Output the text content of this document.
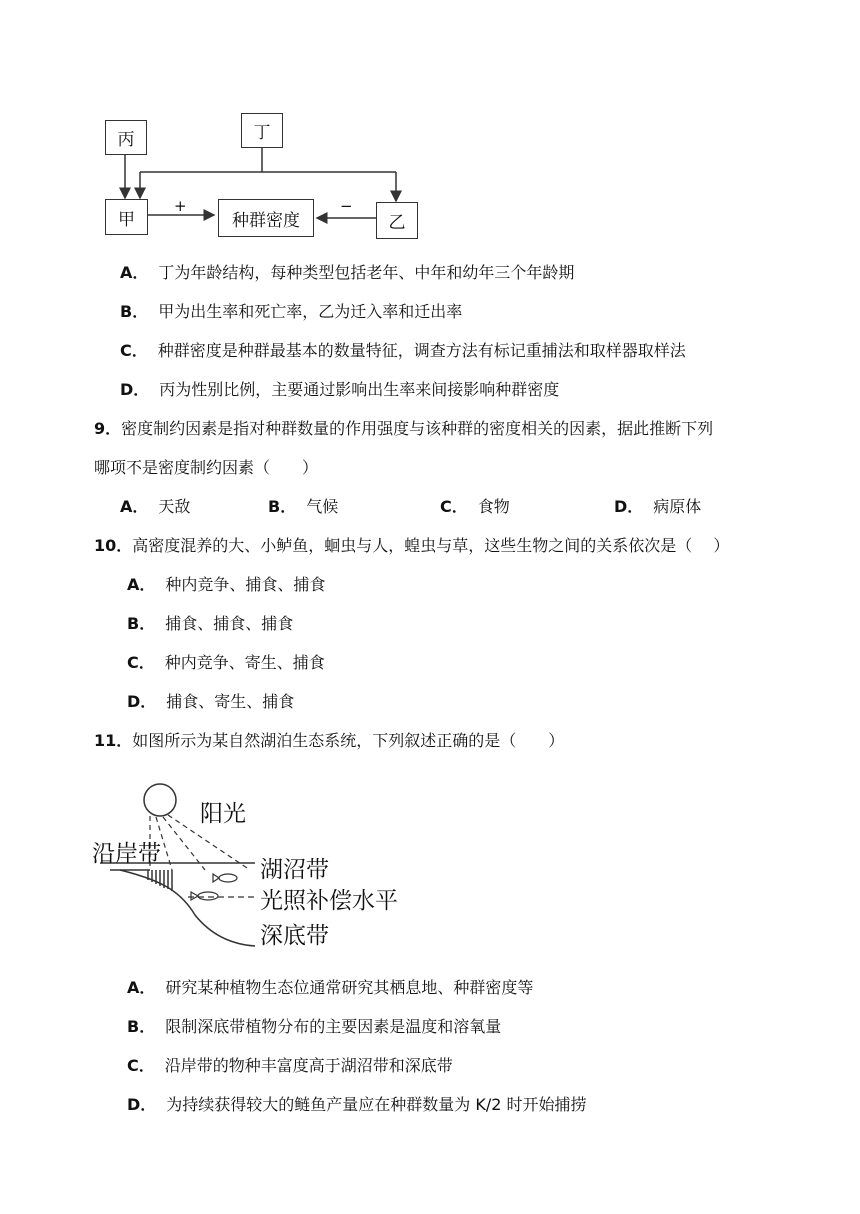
丙	丁
甲	种群密度	乙
+	−
A． 丁为年龄结构，每种类型包括老年、中年和幼年三个年龄期
B． 甲为出生率和死亡率，乙为迁入率和迁出率
C． 种群密度是种群最基本的数量特征，调查方法有标记重捕法和取样器取样法
D． 丙为性别比例，主要通过影响出生率来间接影响种群密度
9．密度制约因素是指对种群数量的作用强度与该种群的密度相关的因素，据此推断下列
哪项不是密度制约因素（　　）
A． 天敌	B． 气候	C． 食物	D． 病原体
10．高密度混养的大、小鲈鱼，蛔虫与人，蝗虫与草，这些生物之间的关系依次是（　 ）
A． 种内竞争、捕食、捕食
B． 捕食、捕食、捕食
C． 种内竞争、寄生、捕食
D． 捕食、寄生、捕食
11．如图所示为某自然湖泊生态系统，下列叙述正确的是（　　）
阳光
沿岸带
湖沼带
光照补偿水平
深底带
A． 研究某种植物生态位通常研究其栖息地、种群密度等
B． 限制深底带植物分布的主要因素是温度和溶氧量
C． 沿岸带的物种丰富度高于湖沼带和深底带
D． 为持续获得较大的鲢鱼产量应在种群数量为 K/2 时开始捕捞
